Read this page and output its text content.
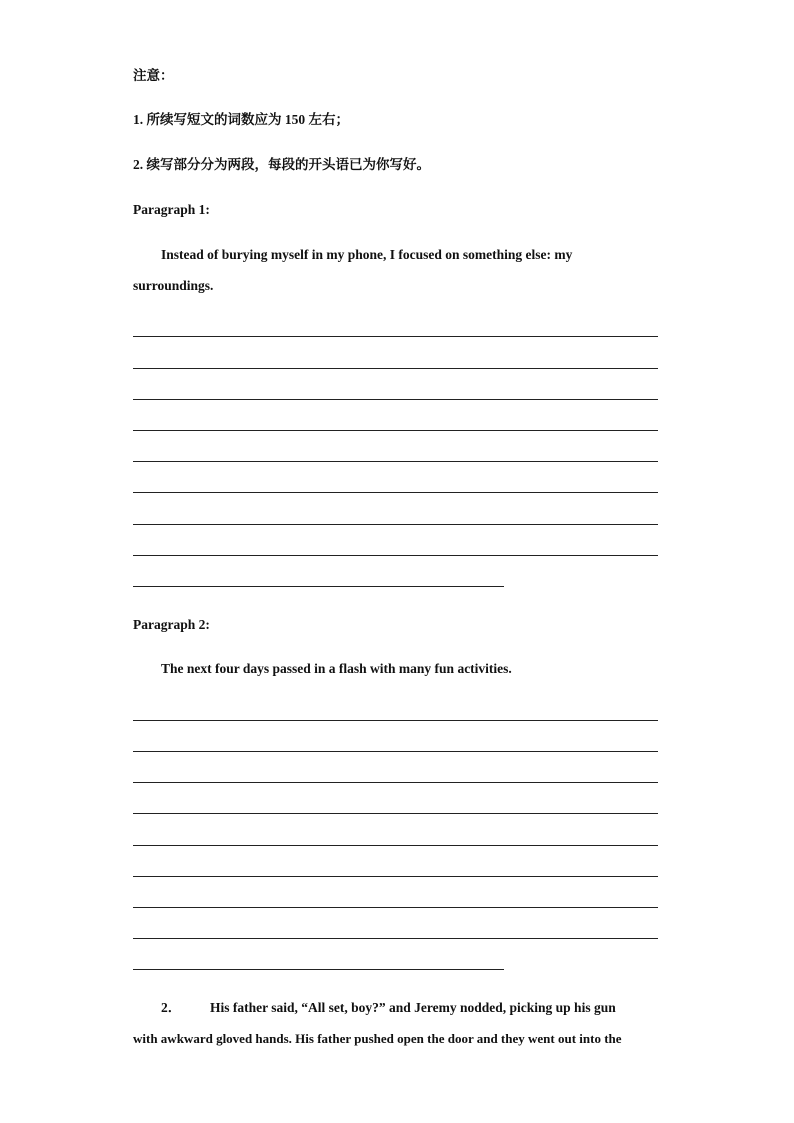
注意：
1. 所续写短文的词数应为 150 左右；
2. 续写部分分为两段，每段的开头语已为你写好。
Paragraph 1:
Instead of burying myself in my phone, I focused on something else: my
surroundings.
Paragraph 2:
The next four days passed in a flash with many fun activities.
2． His father said, “All set, boy?” and Jeremy nodded, picking up his gun
with awkward gloved hands. His father pushed open the door and they went out into the
